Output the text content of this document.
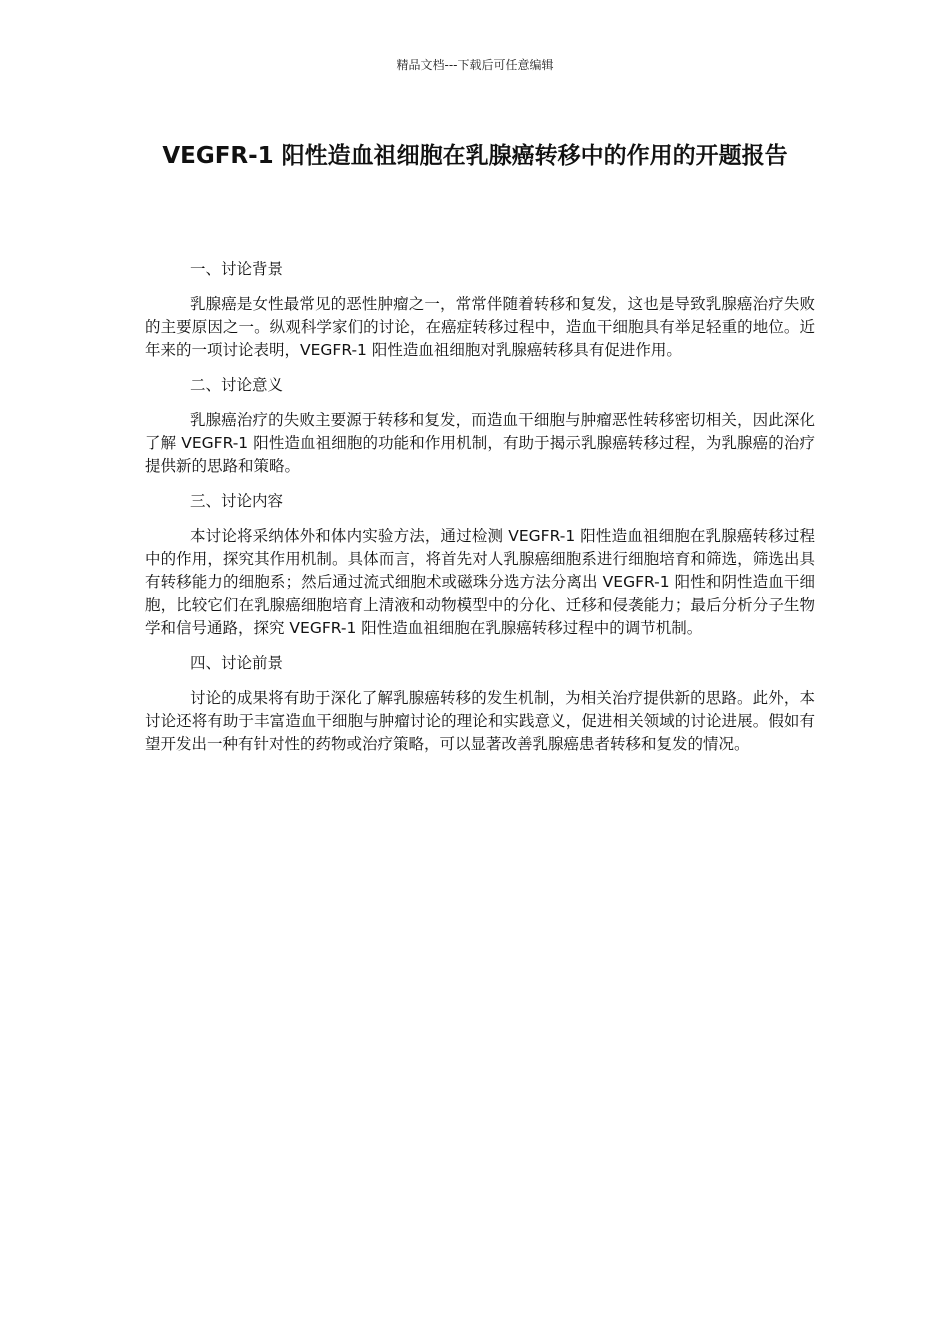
精品文档---下载后可任意编辑
VEGFR-1 阳性造血祖细胞在乳腺癌转移中的作用的开题报告
一、讨论背景

乳腺癌是女性最常见的恶性肿瘤之一，常常伴随着转移和复发，这也是导致乳腺癌治疗失败的主要原因之一。纵观科学家们的讨论，在癌症转移过程中，造血干细胞具有举足轻重的地位。近年来的一项讨论表明，VEGFR-1 阳性造血祖细胞对乳腺癌转移具有促进作用。

二、讨论意义

乳腺癌治疗的失败主要源于转移和复发，而造血干细胞与肿瘤恶性转移密切相关，因此深化了解 VEGFR-1 阳性造血祖细胞的功能和作用机制，有助于揭示乳腺癌转移过程，为乳腺癌的治疗提供新的思路和策略。

三、讨论内容

本讨论将采纳体外和体内实验方法，通过检测 VEGFR-1 阳性造血祖细胞在乳腺癌转移过程中的作用，探究其作用机制。具体而言，将首先对人乳腺癌细胞系进行细胞培育和筛选，筛选出具有转移能力的细胞系；然后通过流式细胞术或磁珠分选方法分离出 VEGFR-1 阳性和阴性造血干细胞，比较它们在乳腺癌细胞培育上清液和动物模型中的分化、迁移和侵袭能力；最后分析分子生物学和信号通路，探究 VEGFR-1 阳性造血祖细胞在乳腺癌转移过程中的调节机制。

四、讨论前景

讨论的成果将有助于深化了解乳腺癌转移的发生机制，为相关治疗提供新的思路。此外，本讨论还将有助于丰富造血干细胞与肿瘤讨论的理论和实践意义，促进相关领域的讨论进展。假如有望开发出一种有针对性的药物或治疗策略，可以显著改善乳腺癌患者转移和复发的情况。
